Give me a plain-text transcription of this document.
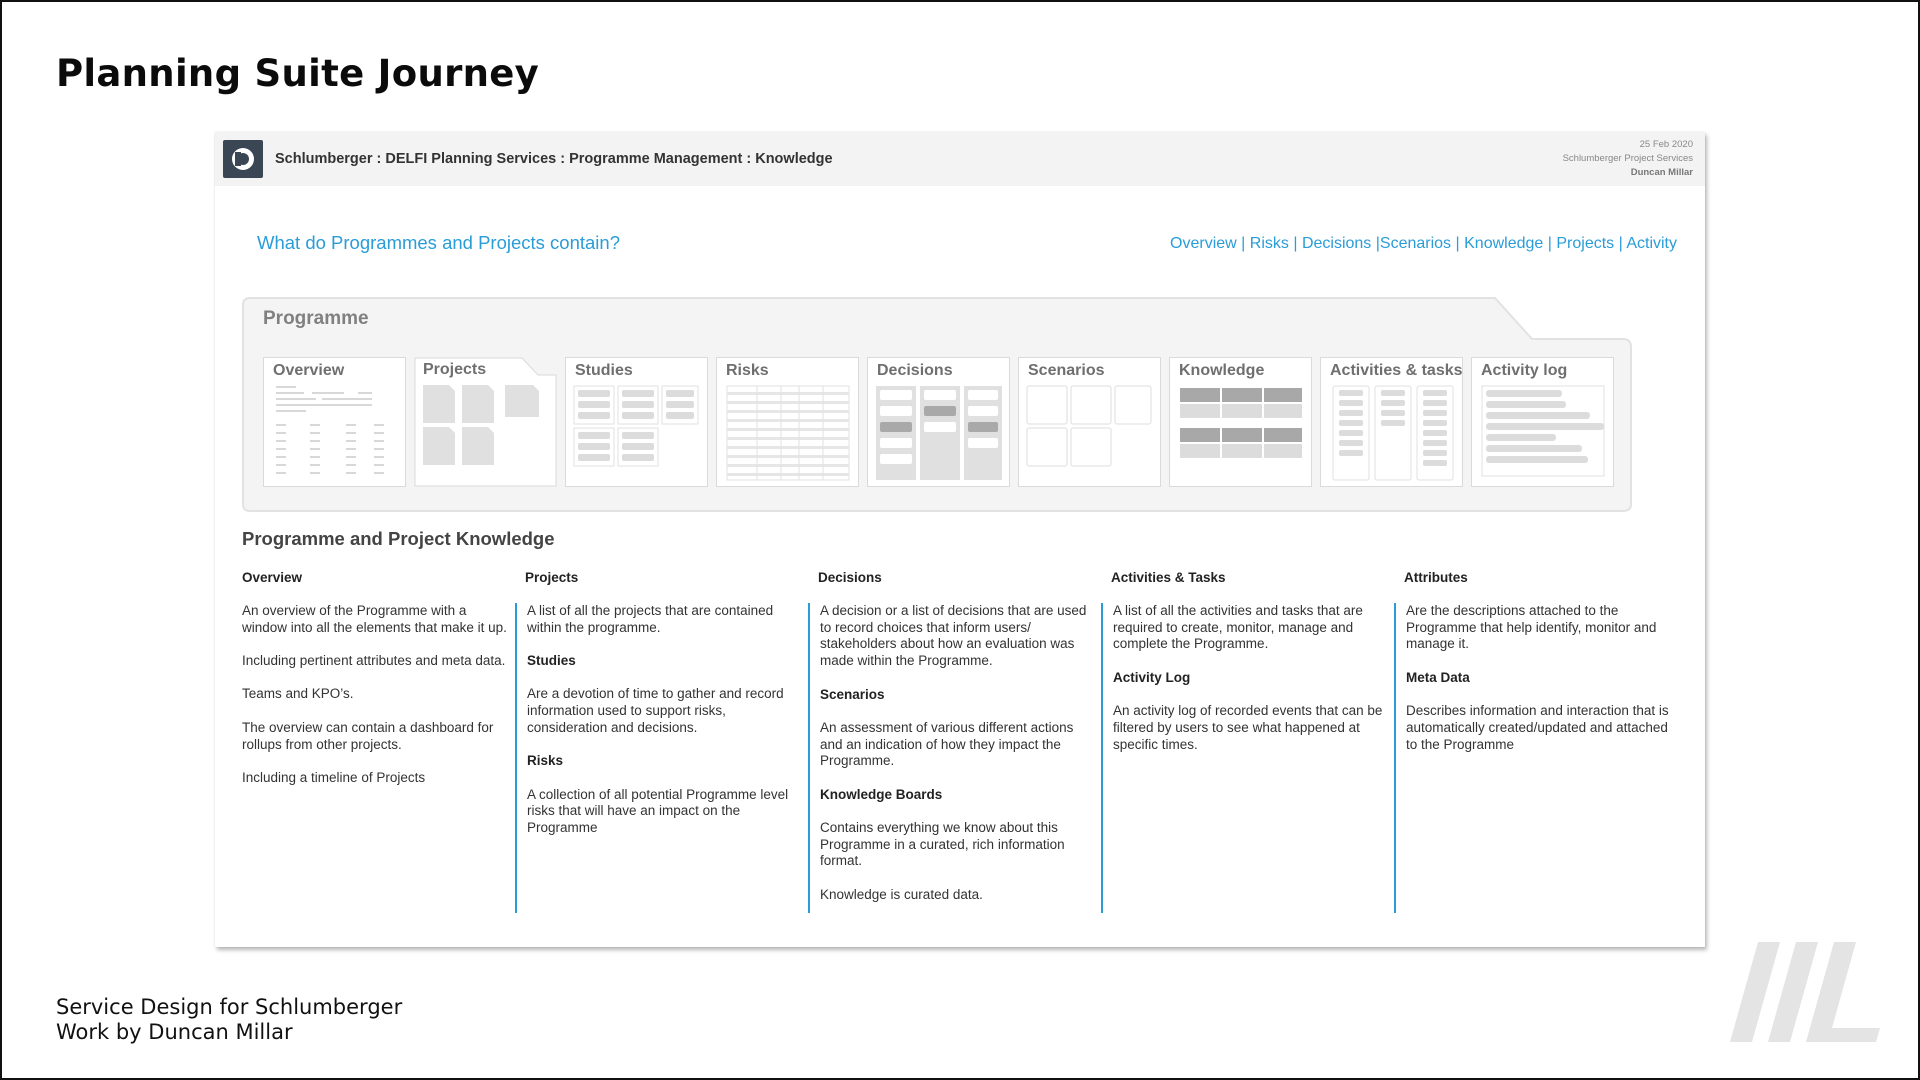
Planning Suite Journey
Schlumberger : DELFI Planning Services : Programme Management : Knowledge
25 Feb 2020
Schlumberger Project Services
Duncan Millar
What do Programmes and Projects contain?	Overview | Risks | Decisions |Scenarios | Knowledge | Projects | Activity
Programme
Overview	Projects	Studies	Risks	Decisions	Scenarios	Knowledge	Activities & tasks Activity log
Programme and Project Knowledge
Overview

An overview of the Programme with a window into all the elements that make it up.

Including pertinent attributes and meta data.

Teams and KPO’s.

The overview can contain a dashboard for rollups from other projects.

Including a timeline of Projects

Projects

A list of all the projects that are contained within the programme.

Studies

Are a devotion of time to gather and record information used to support risks, consideration and decisions.

Risks

A collection of all potential Programme level risks that will have an impact on the Programme

Decisions

A decision or a list of decisions that are used to record choices that inform users/ stakeholders about how an evaluation was made within the Programme.

Scenarios

An assessment of various different actions and an indication of how they impact the Programme.

Knowledge Boards

Contains everything we know about this Programme in a curated, rich information format.

Knowledge is curated data.

Activities & Tasks

A list of all the activities and tasks that are required to create, monitor, manage and complete the Programme.

Activity Log

An activity log of recorded events that can be filtered by users to see what happened at specific times.

Attributes

Are the descriptions attached to the Programme that help identify, monitor and manage it.

Meta Data

Describes information and interaction that is automatically created/updated and attached to the Programme

Service Design for Schlumberger
Work by Duncan Millar
